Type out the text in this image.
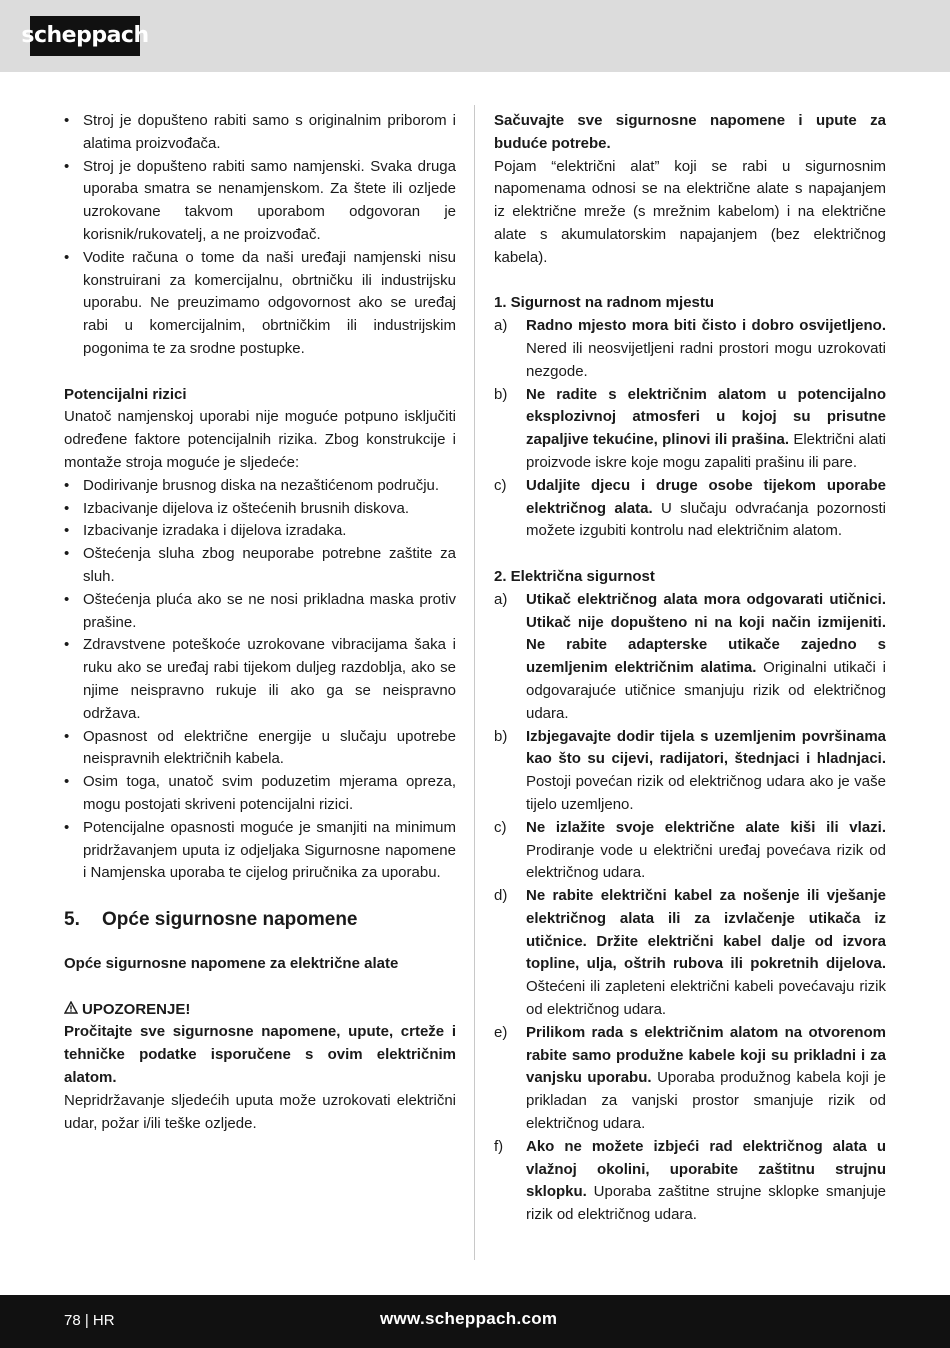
scheppach
• Stroj je dopušteno rabiti samo s originalnim priborom i alatima proizvođača.
• Stroj je dopušteno rabiti samo namjenski. Svaka druga uporaba smatra se nenamjenskom. Za štete ili ozljede uzrokovane takvom uporabom odgovoran je korisnik/rukovatelj, a ne proizvođač.
• Vodite računa o tome da naši uređaji namjenski nisu konstruirani za komercijalnu, obrtničku ili industrijsku uporabu. Ne preuzimamo odgovornost ako se uređaj rabi u komercijalnim, obrtničkim ili industrijskim pogonima te za srodne postupke.

Potencijalni rizici

Unatoč namjenskoj uporabi nije moguće potpuno isključiti određene faktore potencijalnih rizika. Zbog konstrukcije i montaže stroja moguće je sljedeće:

• Dodirivanje brusnog diska na nezaštićenom području.
• Izbacivanje dijelova iz oštećenih brusnih diskova.
• Izbacivanje izradaka i dijelova izradaka.
• Oštećenja sluha zbog neuporabe potrebne zaštite za sluh.
• Oštećenja pluća ako se ne nosi prikladna maska protiv prašine.
• Zdravstvene poteškoće uzrokovane vibracijama šaka i ruku ako se uređaj rabi tijekom duljeg razdoblja, ako se njime neispravno rukuje ili ako ga se neispravno održava.
• Opasnost od električne energije u slučaju upotrebe neispravnih električnih kabela.
• Osim toga, unatoč svim poduzetim mjerama opreza, mogu postojati skriveni potencijalni rizici.
• Potencijalne opasnosti moguće je smanjiti na minimum pridržavanjem uputa iz odjeljaka Sigurnosne napomene i Namjenska uporaba te cijelog priručnika za uporabu.
5.	Opće sigurnosne napomene

Opće sigurnosne napomene za električne alate

UPOZORENJE!

Pročitajte sve sigurnosne napomene, upute, crteže i tehničke podatke isporučene s ovim električnim alatom.

Nepridržavanje sljedećih uputa može uzrokovati električni udar, požar i/ili teške ozljede.

Sačuvajte sve sigurnosne napomene i upute za buduće potrebe.

Pojam “električni alat” koji se rabi u sigurnosnim napomenama odnosi se na električne alate s napajanjem iz električne mreže (s mrežnim kabelom) i na električne alate s akumulatorskim napajanjem (bez električnog kabela).

1. Sigurnost na radnom mjestu

a)	Radno mjesto mora biti čisto i dobro osvijetljeno. Nered ili neosvijetljeni radni prostori mogu uzrokovati nezgode.
b)	Ne radite s električnim alatom u potencijalno eksplozivnoj atmosferi u kojoj su prisutne zapaljive tekućine, plinovi ili prašina. Električni alati proizvode iskre koje mogu zapaliti prašinu ili pare.
c)	Udaljite djecu i druge osobe tijekom uporabe električnog alata. U slučaju odvraćanja pozornosti možete izgubiti kontrolu nad električnim alatom.

2. Električna sigurnost

a)	Utikač električnog alata mora odgovarati utičnici. Utikač nije dopušteno ni na koji način izmijeniti. Ne rabite adapterske utikače zajedno s uzemljenim električnim alatima. Originalni utikači i odgovarajuće utičnice smanjuju rizik od električnog udara.
b)	Izbjegavajte dodir tijela s uzemljenim površinama kao što su cijevi, radijatori, štednjaci i hladnjaci. Postoji povećan rizik od električnog udara ako je vaše tijelo uzemljeno.
c)	Ne izlažite svoje električne alate kiši ili vlazi. Prodiranje vode u električni uređaj povećava rizik od električnog udara.
d)	Ne rabite električni kabel za nošenje ili vješanje električnog alata ili za izvlačenje utikača iz utičnice. Držite električni kabel dalje od izvora topline, ulja, oštrih rubova ili pokretnih dijelova. Oštećeni ili zapleteni električni kabeli povećavaju rizik od električnog udara.
e)	Prilikom rada s električnim alatom na otvorenom rabite samo produžne kabele koji su prikladni i za vanjsku uporabu. Uporaba produžnog kabela koji je prikladan za vanjski prostor smanjuje rizik od električnog udara.
f)	Ako ne možete izbjeći rad električnog alata u vlažnoj okolini, uporabite zaštitnu strujnu sklopku. Uporaba zaštitne strujne sklopke smanjuje rizik od električnog udara.
78 | HR	www.scheppach.com
